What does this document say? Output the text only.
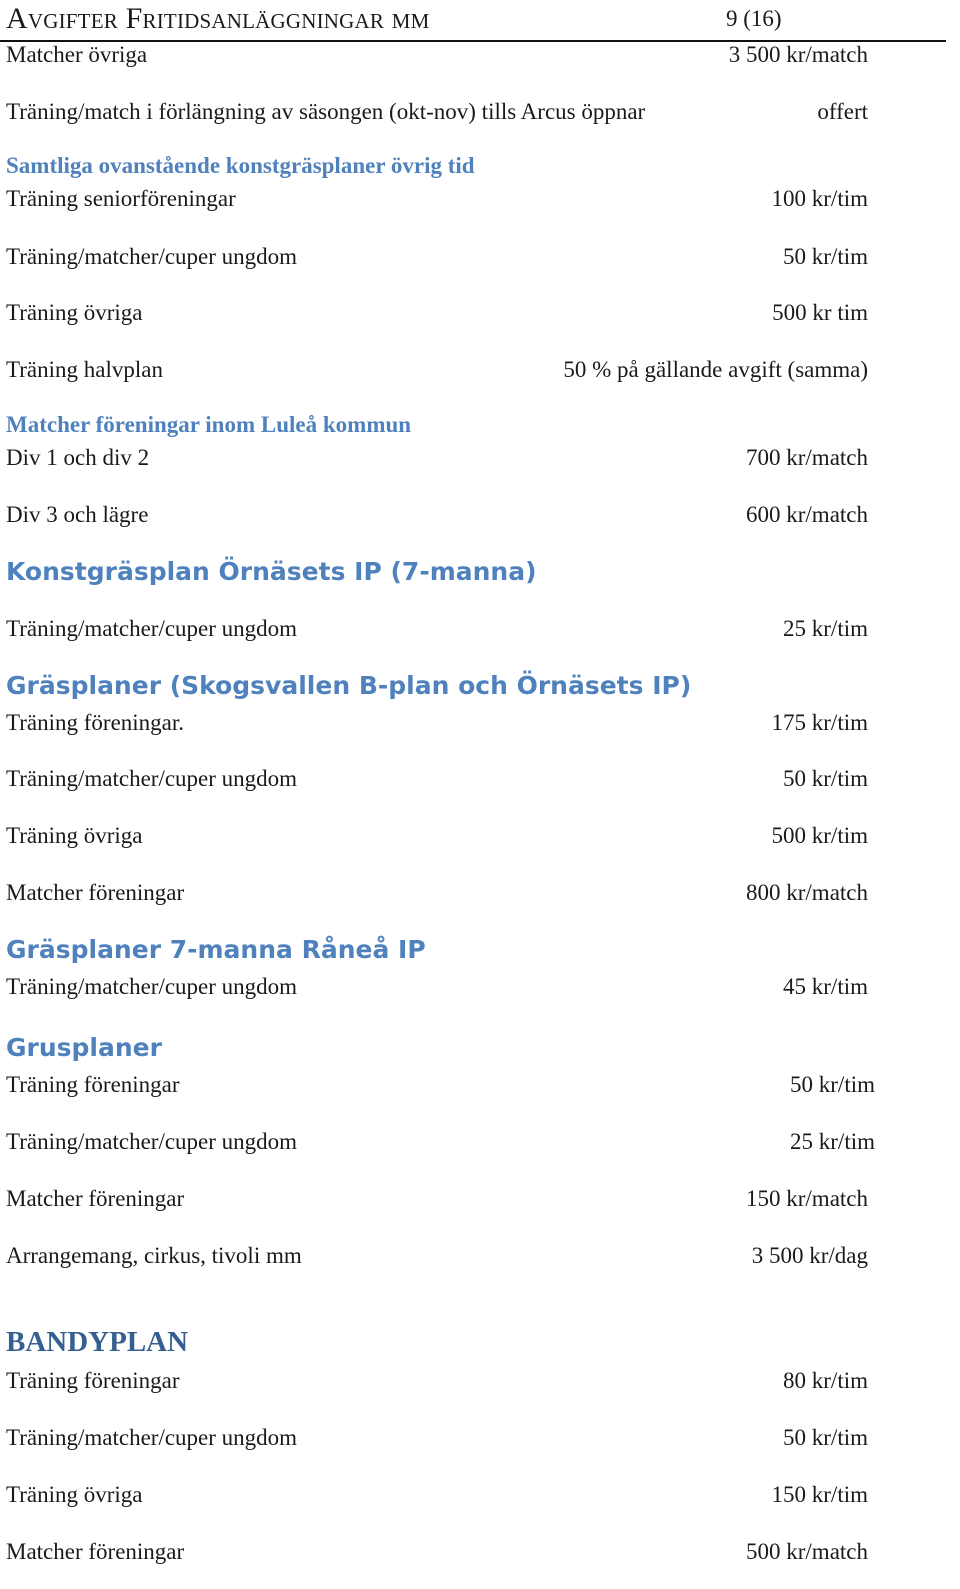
Avgifter Fritidsanläggningar mm	9 (16)
Matcher övriga	3 500 kr/match
Träning/match i förlängning av säsongen (okt-nov) tills Arcus öppnar	offert
Samtliga ovanstående konstgräsplaner övrig tid
Träning seniorföreningar	100 kr/tim
Träning/matcher/cuper ungdom	50 kr/tim
Träning övriga	500 kr tim
Träning halvplan	50 % på gällande avgift (samma)
Matcher föreningar inom Luleå kommun
Div 1 och div 2	700 kr/match
Div 3 och lägre	600 kr/match
Konstgräsplan Örnäsets IP (7-manna)
Träning/matcher/cuper ungdom	25 kr/tim
Gräsplaner (Skogsvallen B-plan och Örnäsets IP)
Träning föreningar.	175 kr/tim
Träning/matcher/cuper ungdom	50 kr/tim
Träning övriga	500 kr/tim
Matcher föreningar	800 kr/match
Gräsplaner 7-manna Råneå IP
Träning/matcher/cuper ungdom	45 kr/tim
Grusplaner
Träning föreningar	50 kr/tim
Träning/matcher/cuper ungdom	25 kr/tim
Matcher föreningar	150 kr/match
Arrangemang, cirkus, tivoli mm	3 500 kr/dag
BANDYPLAN
Träning föreningar	80 kr/tim
Träning/matcher/cuper ungdom	50 kr/tim
Träning övriga	150 kr/tim
Matcher föreningar	500 kr/match
